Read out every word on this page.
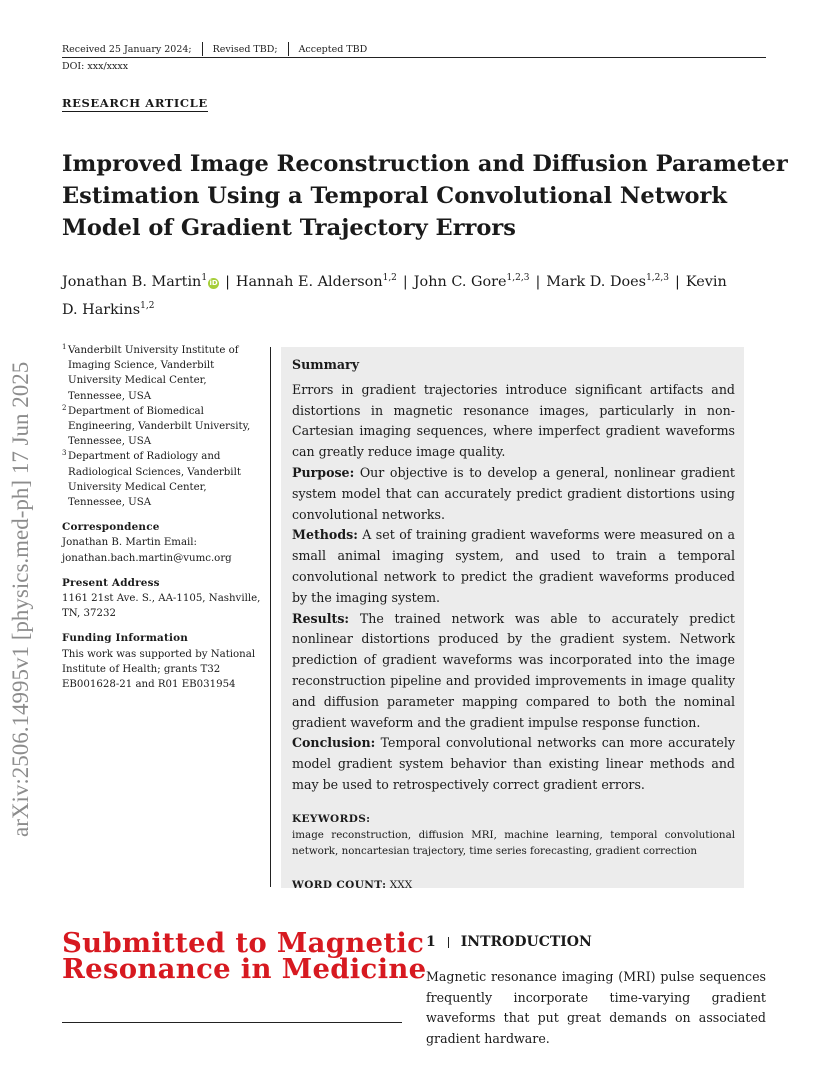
Received 25 January 2024; Revised TBD; Accepted TBD
DOI: xxx/xxxx
RESEARCH ARTICLE
Improved Image Reconstruction and Diffusion Parameter
Estimation Using a Temporal Convolutional Network
Model of Gradient Trajectory Errors
Jonathan B. Martin$^1$ iD | Hannah E. Alderson$^{1,2}$ | John C. Gore$^{1,2,3}$ | Mark D. Does$^{1,2,3}$ | Kevin
D. Harkins$^{1,2}$
arXiv:2506.14995v1 [physics.med-ph] 17 Jun 2025
1 Vanderbilt University Institute of
Imaging Science, Vanderbilt
University Medical Center,
Tennessee, USA
2 Department of Biomedical
Engineering, Vanderbilt University,
Tennessee, USA
3 Department of Radiology and
Radiological Sciences, Vanderbilt
University Medical Center,
Tennessee, USA
Correspondence
Jonathan B. Martin Email:
jonathan.bach.martin@vumc.org
Present Address
1161 21st Ave. S., AA-1105, Nashville,
TN, 37232
Funding Information
This work was supported by National
Institute of Health; grants T32
EB001628-21 and R01 EB031954
Summary

Errors in gradient trajectories introduce significant artifacts and distortions in magnetic resonance images, particularly in non-Cartesian imaging sequences, where imperfect gradient waveforms can greatly reduce image quality.

Purpose: Our objective is to develop a general, nonlinear gradient system model that can accurately predict gradient distortions using convolutional networks.

Methods: A set of training gradient waveforms were measured on a small animal imaging system, and used to train a temporal convolutional network to predict the gradient waveforms produced by the imaging system.

Results: The trained network was able to accurately predict nonlinear distortions produced by the gradient system. Network prediction of gradient waveforms was incorporated into the image reconstruction pipeline and provided improvements in image quality and diffusion parameter mapping compared to both the nominal gradient waveform and the gradient impulse response function.

Conclusion: Temporal convolutional networks can more accurately model gradient system behavior than existing linear methods and may be used to retrospectively correct gradient errors.

KEYWORDS:
image reconstruction, diffusion MRI, machine learning, temporal convolutional network, noncartesian trajectory, time series forecasting, gradient correction
WORD COUNT: XXX
Submitted to Magnetic
Resonance in Medicine
1 INTRODUCTION
Magnetic resonance imaging (MRI) pulse sequences frequently incorporate time-varying gradient waveforms that put great demands on associated gradient hardware.
